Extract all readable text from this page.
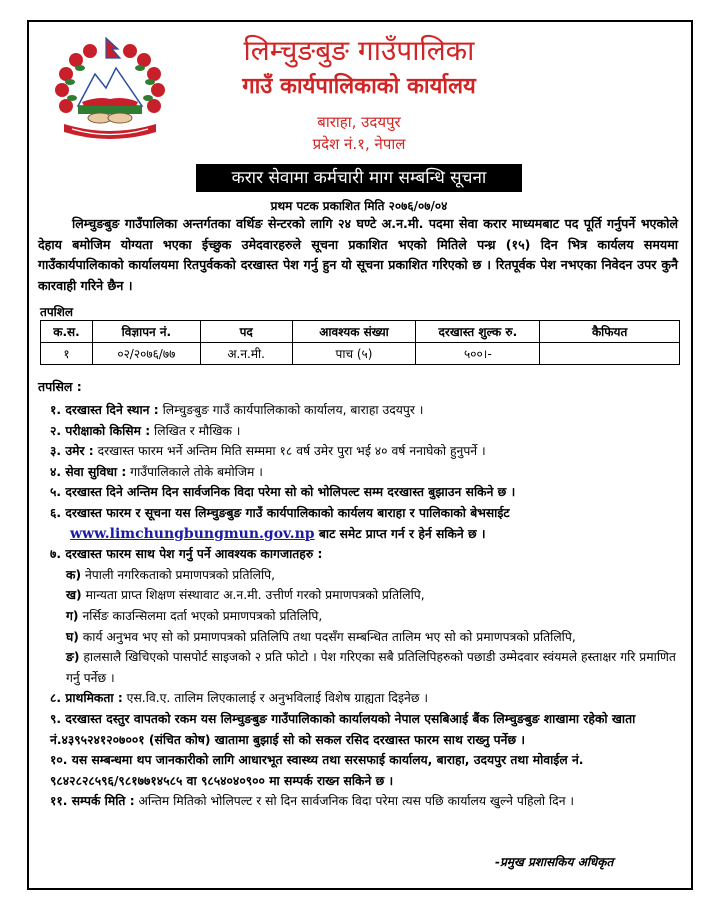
लिम्चुङबुङ गाउँपालिका
गाउँ कार्यपालिकाको कार्यालय
बाराहा, उदयपुर
प्रदेश नं.१, नेपाल
करार सेवामा कर्मचारी माग सम्बन्धि सूचना
प्रथम पटक प्रकाशित मिति २०७६/०७/०४
लिम्चुङबुङ गाउँपालिका अन्तर्गतका वर्थिङ सेन्टरको लागि २४ घण्टे अ.न.मी. पदमा सेवा करार माध्यमबाट पद पूर्ति गर्नुपर्ने भएकोले देहाय बमोजिम योग्यता भएका ईच्छुक उमेदवारहरुले सूचना प्रकाशित भएको मितिले पन्ध्र (१५) दिन भित्र कार्यलय समयमा गाउँकार्यपालिकाको कार्यालयमा रितपुर्वकको दरखास्त पेश गर्नु हुन यो सूचना प्रकाशित गरिएको छ । रितपूर्वक पेश नभएका निवेदन उपर कुनै कारवाही गरिने छैन ।
तपशिल
क.स.	विज्ञापन नं.	पद	आवश्यक संख्या	दरखास्त शुल्क रु.	कैफियत
१	०२/२०७६/७७	अ.न.मी.	पाच (५)	५००।-	
तपसिल :
१. दरखास्त दिने स्थान : लिम्चुङबुङ गाउँ कार्यपालिकाको कार्यालय, बाराहा उदयपुर ।
२. परीक्षाको किसिम : लिखित र मौखिक ।
३. उमेर : दरखास्त फारम भर्ने अन्तिम मिति सम्ममा १८ वर्ष उमेर पुरा भई ४० वर्ष ननाघेको हुनुपर्ने ।
४. सेवा सुविधा : गाउँपालिकाले तोके बमोजिम ।
५. दरखास्त दिने अन्तिम दिन सार्वजनिक विदा परेमा सो को भोलिपल्ट सम्म दरखास्त बुझाउन सकिने छ ।
६. दरखास्त फारम र सूचना यस लिम्चुङबुङ गाउँ कार्यपालिकाको कार्यलय बाराहा र पालिकाको बेभसाईट
www.limchungbungmun.gov.np बाट समेट प्राप्त गर्न र हेर्न सकिने छ ।
७. दरखास्त फारम साथ पेश गर्नु पर्ने आवश्यक कागजातहरु :
क) नेपाली नगरिकताको प्रमाणपत्रको प्रतिलिपि,
ख) मान्यता प्राप्त शिक्षण संस्थावाट अ.न.मी. उत्तीर्ण गरको प्रमाणपत्रको प्रतिलिपि,
ग) नर्सिङ काउन्सिलमा दर्ता भएको प्रमाणपत्रको प्रतिलिपि,
घ) कार्य अनुभव भए सो को प्रमाणपत्रको प्रतिलिपि तथा पदसँग सम्बन्धित तालिम भए सो को प्रमाणपत्रको प्रतिलिपि,
ङ) हालसालै खिचिएको पासपोर्ट साइजको २ प्रति फोटो । पेश गरिएका सबै प्रतिलिपिहरुको पछाडी उम्मेदवार स्वंयमले हस्ताक्षर गरि प्रमाणित गर्नु पर्नेछ ।
८. प्राथमिकता : एस.वि.ए. तालिम लिएकालाई र अनुभविलाई विशेष ग्राह्यता दिइनेछ ।
९. दरखास्त दस्तुर वापतको रकम यस लिम्चुङबुङ गाउँपालिकाको कार्यालयको नेपाल एसबिआई बैंक लिम्चुङबुङ शाखामा रहेको खाता नं.४३९५२४१२०७००१ (संचित कोष) खातामा बुझाई सो को सकल रसिद दरखास्त फारम साथ राख्नु पर्नेछ ।
१०. यस सम्बन्धमा थप जानकारीको लागि आधारभूत स्वास्थ्य तथा सरसफाई कार्यालय, बाराहा, उदयपुर तथा मोवाईल नं. ९८४२८२८५९६/९८१७७१४५८५ वा ९८५४०४०९०० मा सम्पर्क राख्न सकिने छ ।
११. सम्पर्क मिति : अन्तिम मितिको भोलिपल्ट र सो दिन सार्वजनिक विदा परेमा त्यस पछि कार्यालय खुल्ने पहिलो दिन ।
-प्रमुख प्रशासकिय अधिकृत
